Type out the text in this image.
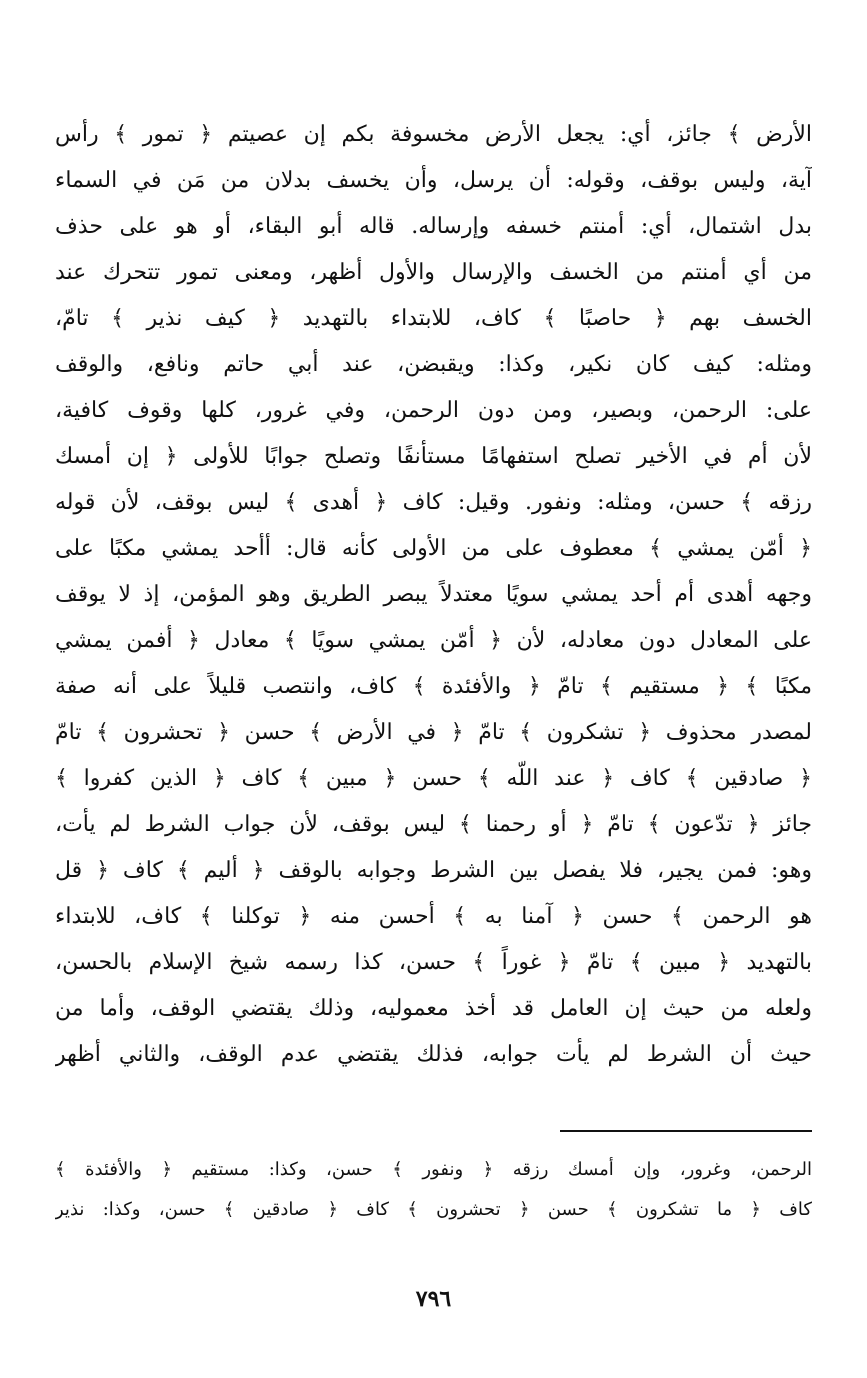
الأرض ﴾ جائز، أي: يجعل الأرض مخسوفة بكم إن عصيتم ﴿ تمور ﴾ رأس
آية، وليس بوقف، وقوله: أن يرسل، وأن يخسف بدلان من مَن في السماء
بدل اشتمال، أي: أمنتم خسفه وإرساله. قاله أبو البقاء، أو هو على حذف
من أي أمنتم من الخسف والإرسال والأول أظهر، ومعنى تمور تتحرك عند
الخسف بهم ﴿ حاصبًا ﴾ كاف، للابتداء بالتهديد ﴿ كيف نذير ﴾ تامّ،
ومثله: كيف كان نكير، وكذا: ويقبضن، عند أبي حاتم ونافع، والوقف
على: الرحمن، وبصير، ومن دون الرحمن، وفي غرور، كلها وقوف كافية،
لأن أم في الأخير تصلح استفهامًا مستأنفًا وتصلح جوابًا للأولى ﴿ إن أمسك
رزقه ﴾ حسن، ومثله: ونفور. وقيل: كاف ﴿ أهدى ﴾ ليس بوقف، لأن قوله
﴿ أمّن يمشي ﴾ معطوف على من الأولى كأنه قال: أأحد يمشي مكبًا على
وجهه أهدى أم أحد يمشي سويًا معتدلاً يبصر الطريق وهو المؤمن، إذ لا يوقف
على المعادل دون معادله، لأن ﴿ أمّن يمشي سويًا ﴾ معادل ﴿ أفمن يمشي
مكبًا ﴾ ﴿ مستقيم ﴾ تامّ ﴿ والأفئدة ﴾ كاف، وانتصب قليلاً على أنه صفة
لمصدر محذوف ﴿ تشكرون ﴾ تامّ ﴿ في الأرض ﴾ حسن ﴿ تحشرون ﴾ تامّ
﴿ صادقين ﴾ كاف ﴿ عند اللّه ﴾ حسن ﴿ مبين ﴾ كاف ﴿ الذين كفروا ﴾
جائز ﴿ تدّعون ﴾ تامّ ﴿ أو رحمنا ﴾ ليس بوقف، لأن جواب الشرط لم يأت،
وهو: فمن يجير، فلا يفصل بين الشرط وجوابه بالوقف ﴿ أليم ﴾ كاف ﴿ قل
هو الرحمن ﴾ حسن ﴿ آمنا به ﴾ أحسن منه ﴿ توكلنا ﴾ كاف، للابتداء
بالتهديد ﴿ مبين ﴾ تامّ ﴿ غوراً ﴾ حسن، كذا رسمه شيخ الإسلام بالحسن،
ولعله من حيث إن العامل قد أخذ معموليه، وذلك يقتضي الوقف، وأما من
حيث أن الشرط لم يأت جوابه، فذلك يقتضي عدم الوقف، والثاني أظهر
الرحمن، وغرور، وإن أمسك رزقه ﴿ ونفور ﴾ حسن، وكذا: مستقيم ﴿ والأفئدة ﴾
كاف ﴿ ما تشكرون ﴾ حسن ﴿ تحشرون ﴾ كاف ﴿ صادقين ﴾ حسن، وكذا: نذير
٧٩٦
